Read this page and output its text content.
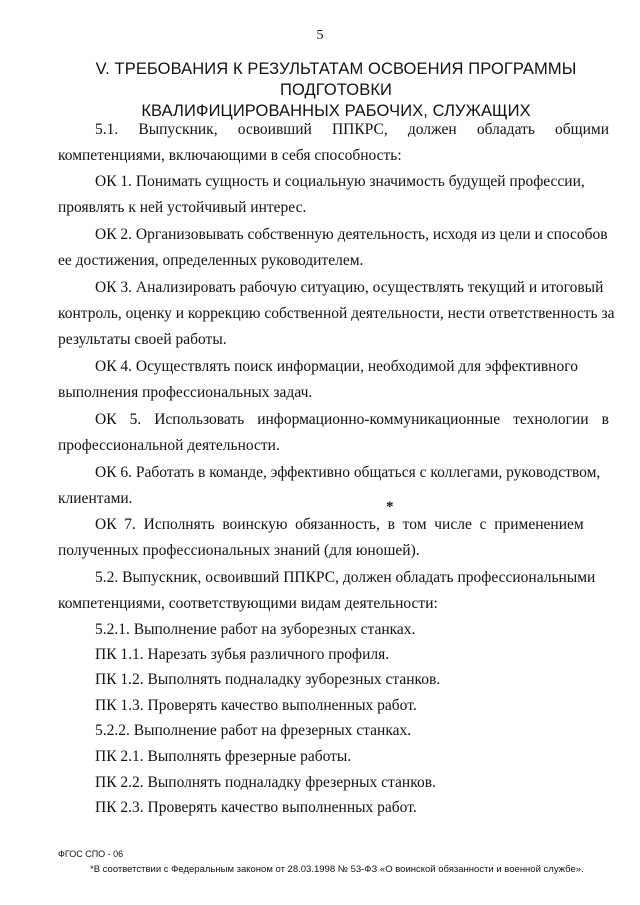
5
V. ТРЕБОВАНИЯ К РЕЗУЛЬТАТАМ ОСВОЕНИЯ ПРОГРАММЫ ПОДГОТОВКИ
КВАЛИФИЦИРОВАННЫХ РАБОЧИХ, СЛУЖАЩИХ
5.1. Выпускник, освоивший ППКРС, должен обладать общими
компетенциями, включающими в себя способность:
ОК 1. Понимать сущность и социальную значимость будущей профессии,
проявлять к ней устойчивый интерес.
ОК 2. Организовывать собственную деятельность, исходя из цели и способов
ее достижения, определенных руководителем.
ОК 3. Анализировать рабочую ситуацию, осуществлять текущий и итоговый
контроль, оценку и коррекцию собственной деятельности, нести ответственность за
результаты своей работы.
ОК 4. Осуществлять поиск информации, необходимой для эффективного
выполнения профессиональных задач.
ОК 5. Использовать информационно-коммуникационные технологии в
профессиональной деятельности.
ОК 6. Работать в команде, эффективно общаться с коллегами, руководством,
клиентами.
ОК  7.  Исполнять  воинскую  обязанность,  в  том  числе  с  применением
полученных профессиональных знаний (для юношей).
*
5.2. Выпускник, освоивший ППКРС, должен обладать профессиональными
компетенциями, соответствующими видам деятельности:
5.2.1. Выполнение работ на зуборезных станках.
ПК 1.1. Нарезать зубья различного профиля.
ПК 1.2. Выполнять подналадку зуборезных станков.
ПК 1.3. Проверять качество выполненных работ.
5.2.2. Выполнение работ на фрезерных станках.
ПК 2.1. Выполнять фрезерные работы.
ПК 2.2. Выполнять подналадку фрезерных станков.
ПК 2.3. Проверять качество выполненных работ.
ФГОС СПО - 06
*В соответствии с Федеральным законом от 28.03.1998 № 53-ФЗ «О воинской обязанности и военной службе».
